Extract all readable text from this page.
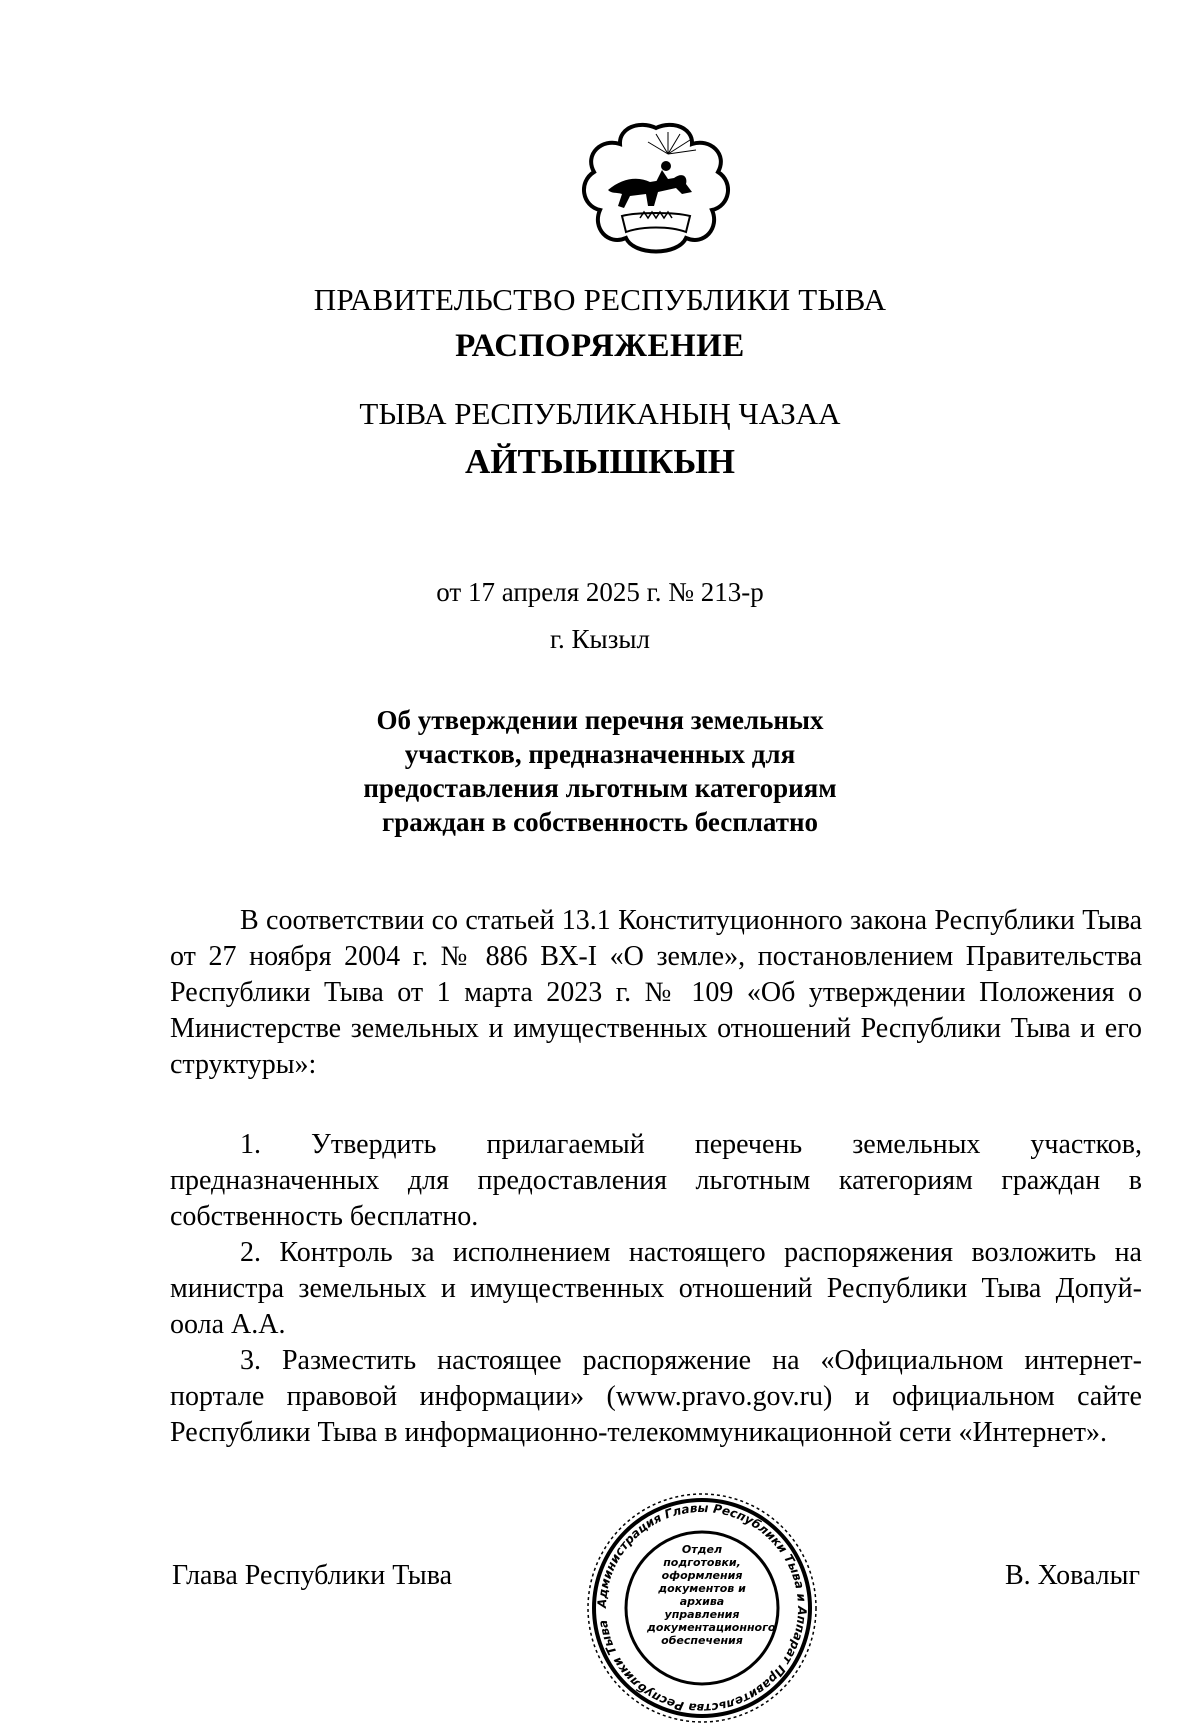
ПРАВИТЕЛЬСТВО РЕСПУБЛИКИ ТЫВА
РАСПОРЯЖЕНИЕ
ТЫВА РЕСПУБЛИКАНЫҢ ЧАЗАА
АЙТЫЫШКЫН
от 17 апреля 2025 г. № 213-р
г. Кызыл
Об утверждении перечня земельных участков, предназначенных для предоставления льготным категориям граждан в собственность бесплатно

В соответствии со статьей 13.1 Конституционного закона Республики Тыва от 27 ноября 2004 г. № 886 ВХ-I «О земле», постановлением Правительства Республики Тыва от 1 марта 2023 г. № 109 «Об утверждении Положения о Министерстве земельных и имущественных отношений Республики Тыва и его структуры»:

1. Утвердить прилагаемый перечень земельных участков, предназначенных для предоставления льготным категориям граждан в собственность бесплатно.

2. Контроль за исполнением настоящего распоряжения возложить на министра земельных и имущественных отношений Республики Тыва Допуй-оола А.А.

3. Разместить настоящее распоряжение на «Официальном интернет-портале правовой информации» (www.pravo.gov.ru) и официальном сайте Республики Тыва в информационно-телекоммуникационной сети «Интернет».

Глава Республики Тыва	В. Ховалыг
Администрация Главы Республики Тыва и Аппарат Правительства Республики Тыва
Отдел
подготовки,
оформления
документов и архива
управления
документационного
обеспечения
